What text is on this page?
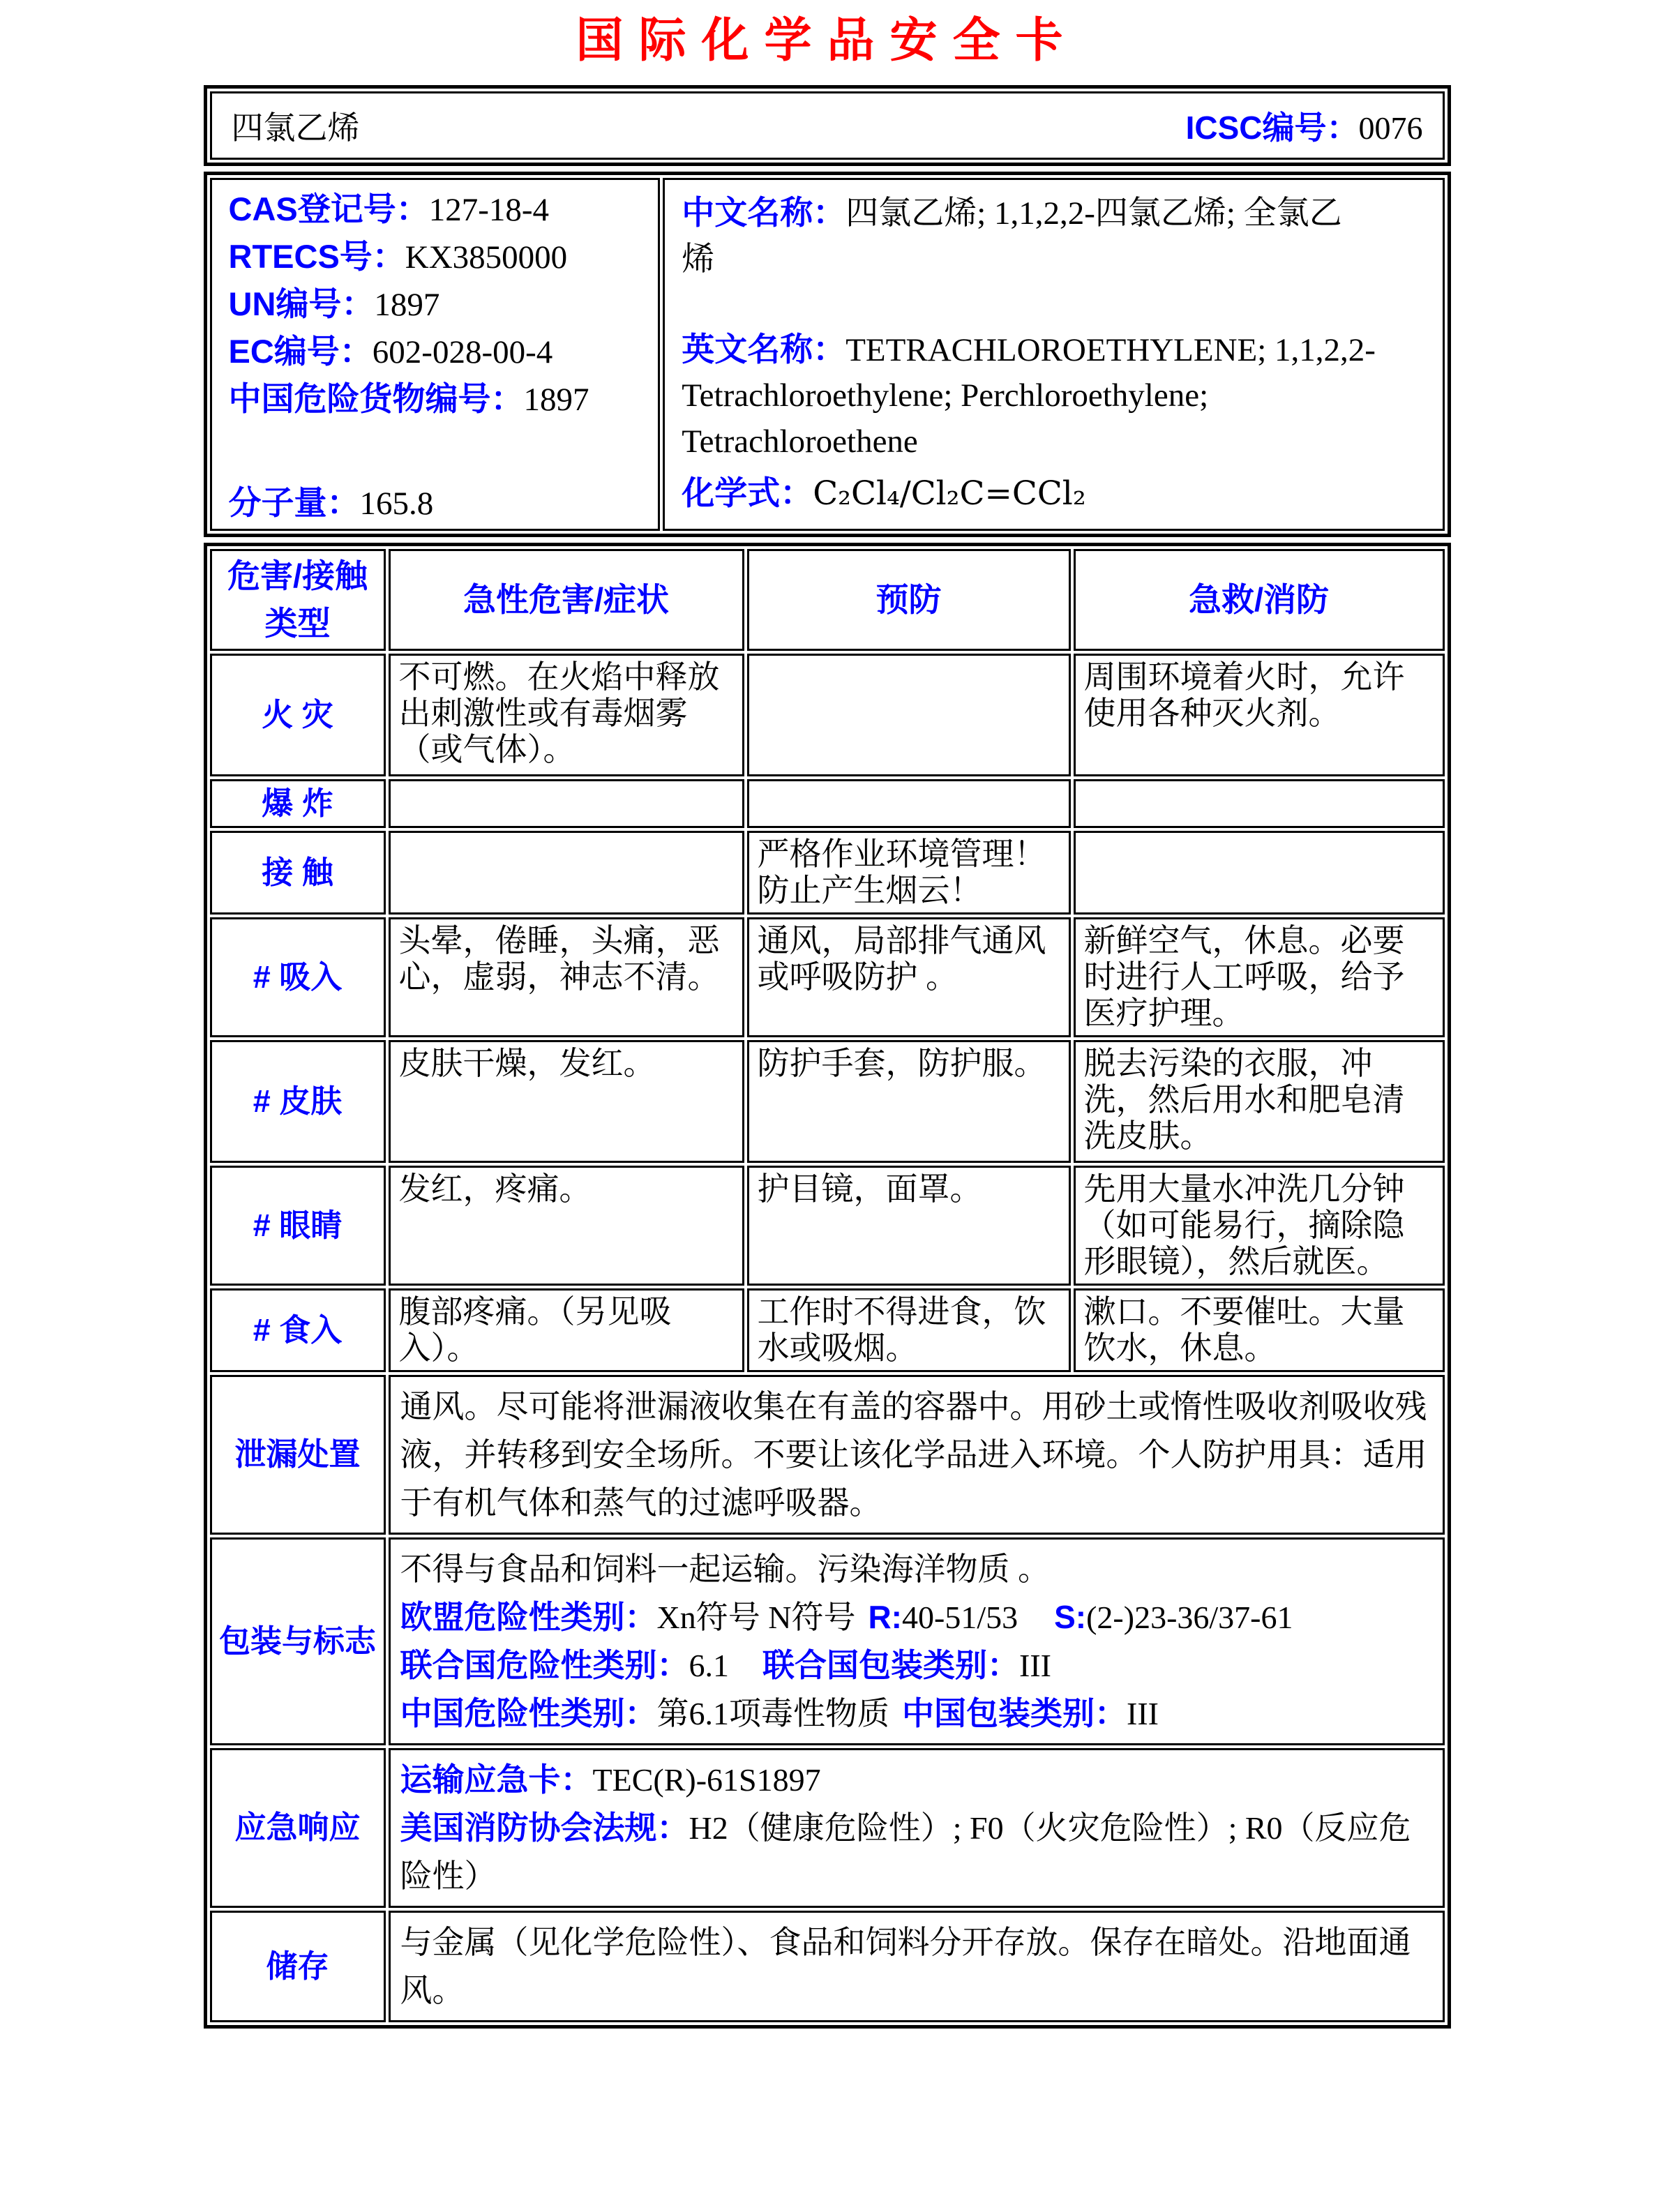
国际化学品安全卡
四氯乙烯	ICSC编号：0076
CAS登记号：127-18-4
RTECS号：KX3850000
UN编号：1897
EC编号：602-028-00-4
中国危险货物编号：1897
分子量：165.8

中文名称：四氯乙烯; 1,1,2,2-四氯乙烯; 全氯乙烯
英文名称：TETRACHLOROETHYLENE; 1,1,2,2-Tetrachloroethylene; Perchloroethylene; Tetrachloroethene
化学式：C₂Cl₄/Cl₂C=CCl₂
危害/接触类型	急性危害/症状	预防	急救/消防
火 灾	不可燃。在火焰中释放出刺激性或有毒烟雾（或气体）。		周围环境着火时，允许使用各种灭火剂。
爆 炸			
接 触		严格作业环境管理！防止产生烟云！	
# 吸入	头晕，倦睡，头痛，恶心，虚弱，神志不清。	通风，局部排气通风或呼吸防护 。	新鲜空气，休息。必要时进行人工呼吸，给予医疗护理。
# 皮肤	皮肤干燥，发红。	防护手套，防护服。	脱去污染的衣服，冲洗，然后用水和肥皂清洗皮肤。
# 眼睛	发红，疼痛。	护目镜，面罩。	先用大量水冲洗几分钟（如可能易行，摘除隐形眼镜），然后就医。
# 食入	腹部疼痛。（另见吸入）。	工作时不得进食，饮水或吸烟。	漱口。不要催吐。大量饮水，休息。
泄漏处置	通风。尽可能将泄漏液收集在有盖的容器中。用砂土或惰性吸收剂吸收残液，并转移到安全场所。不要让该化学品进入环境。个人防护用具：适用于有机气体和蒸气的过滤呼吸器。		
包装与标志	不得与食品和饲料一起运输。污染海洋物质 。
欧盟危险性类别：Xn符号 N符号 R:40-51/53 S:(2-)23-36/37-61
联合国危险性类别：6.1 联合国包装类别：III
中国危险性类别：第6.1项毒性物质 中国包装类别：III		

应急响应	运输应急卡：TEC(R)-61S1897
美国消防协会法规：H2（健康危险性）; F0（火灾危险性）; R0（反应危险性）		

储存	与金属（见化学危险性）、食品和饲料分开存放。保存在暗处。沿地面通风。		
